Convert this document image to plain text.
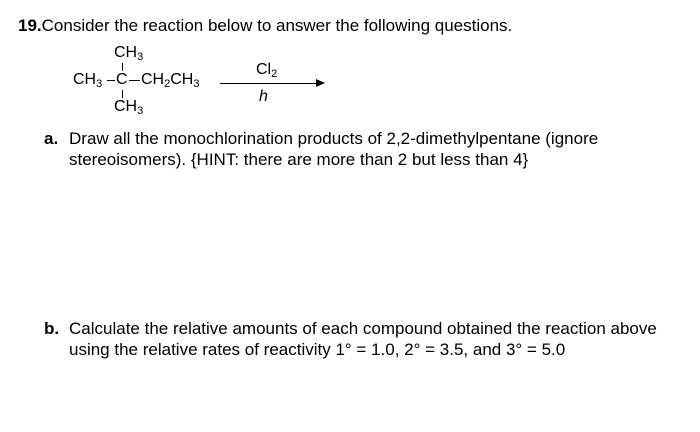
19.Consider the reaction below to answer the following questions.
$CH_3$
$CH_3$ C $CH_2CH_3$
$CH_3$
$Cl_2$
h
a. Draw all the monochlorination products of 2,2-dimethylpentane (ignore stereoisomers). {HINT: there are more than 2 but less than 4}
b. Calculate the relative amounts of each compound obtained the reaction above using the relative rates of reactivity 1° = 1.0, 2° = 3.5, and 3° = 5.0
